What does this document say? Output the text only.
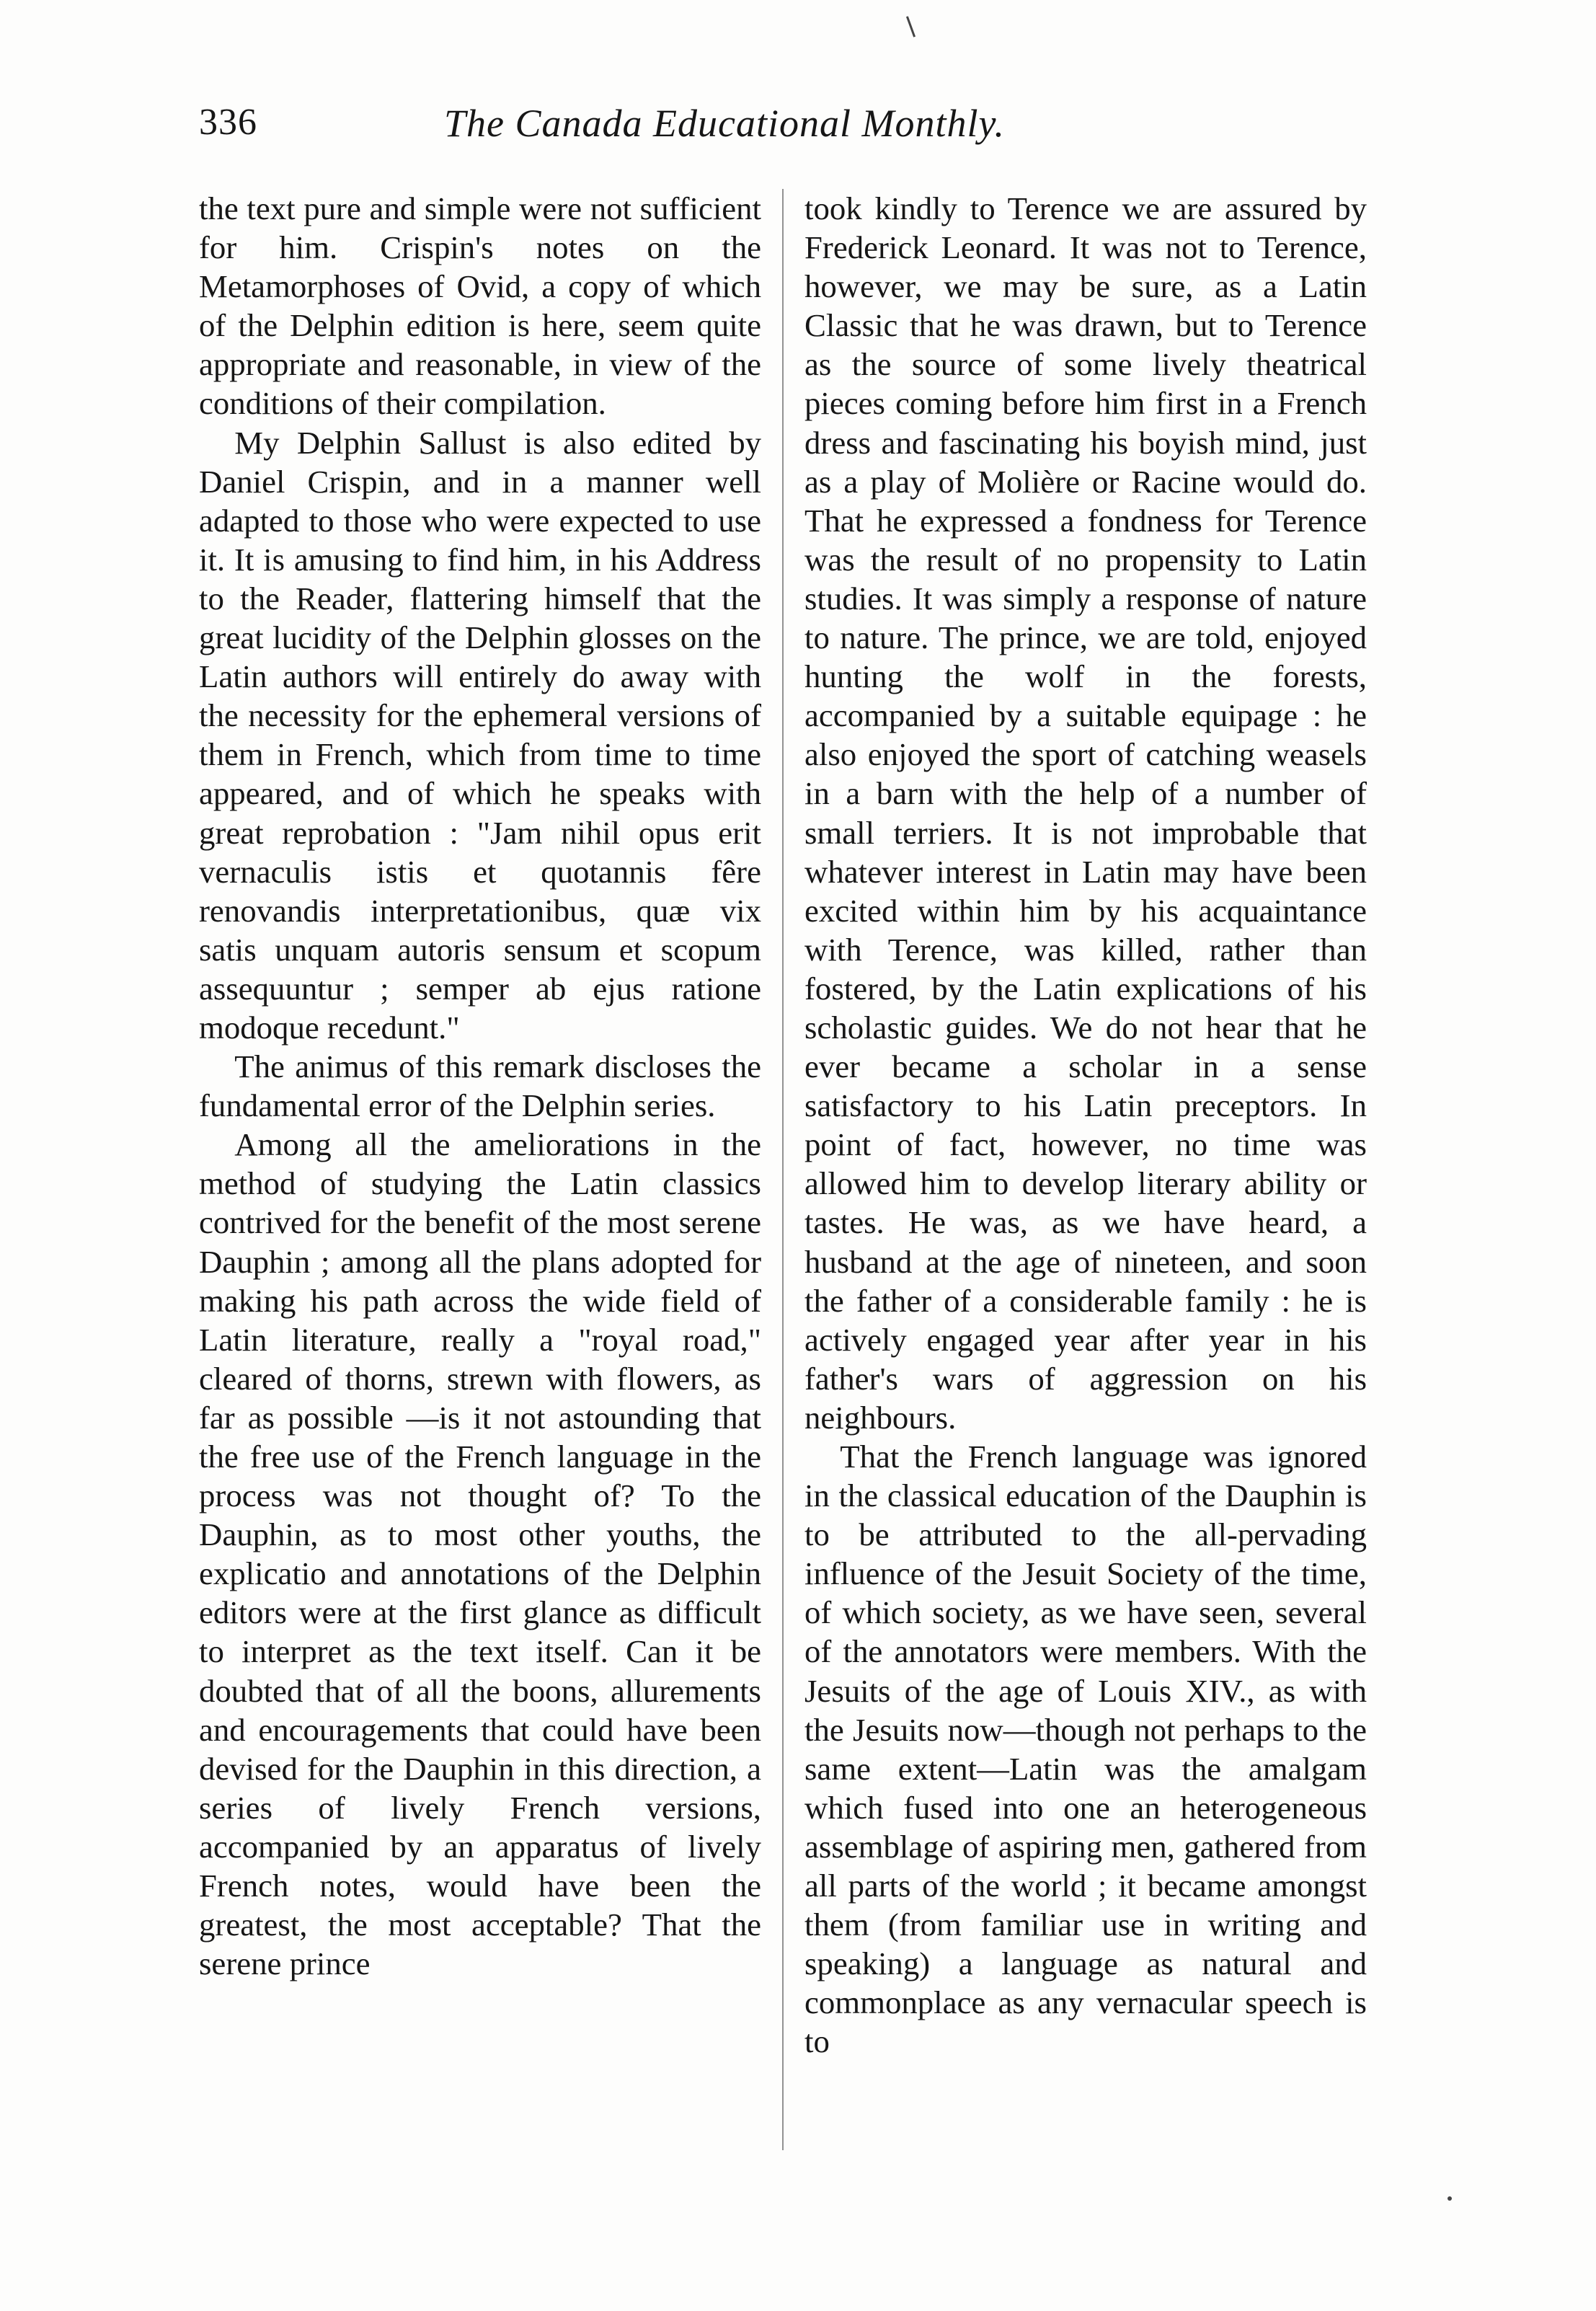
336	The Canada Educational Monthly.

the text pure and simple were not sufficient for him. Crispin's notes on the Metamorphoses of Ovid, a copy of which of the Delphin edition is here, seem quite appropriate and reasonable, in view of the conditions of their compilation.

My Delphin Sallust is also edited by Daniel Crispin, and in a manner well adapted to those who were expected to use it. It is amusing to find him, in his Address to the Reader, flattering himself that the great lucidity of the Delphin glosses on the Latin authors will entirely do away with the necessity for the ephemeral versions of them in French, which from time to time appeared, and of which he speaks with great reprobation : "Jam nihil opus erit vernaculis istis et quotannis fêre renovandis interpretationibus, quæ vix satis unquam autoris sensum et scopum assequuntur ; semper ab ejus ratione modoque recedunt."

The animus of this remark discloses the fundamental error of the Delphin series.

Among all the ameliorations in the method of studying the Latin classics contrived for the benefit of the most serene Dauphin ; among all the plans adopted for making his path across the wide field of Latin literature, really a "royal road," cleared of thorns, strewn with flowers, as far as possible —is it not astounding that the free use of the French language in the process was not thought of? To the Dauphin, as to most other youths, the explicatio and annotations of the Delphin editors were at the first glance as difficult to interpret as the text itself. Can it be doubted that of all the boons, allurements and encouragements that could have been devised for the Dauphin in this direction, a series of lively French versions, accompanied by an apparatus of lively French notes, would have been the greatest, the most acceptable? That the serene prince

took kindly to Terence we are assured by Frederick Leonard. It was not to Terence, however, we may be sure, as a Latin Classic that he was drawn, but to Terence as the source of some lively theatrical pieces coming before him first in a French dress and fascinating his boyish mind, just as a play of Molière or Racine would do. That he expressed a fondness for Terence was the result of no propensity to Latin studies. It was simply a response of nature to nature. The prince, we are told, enjoyed hunting the wolf in the forests, accompanied by a suitable equipage : he also enjoyed the sport of catching weasels in a barn with the help of a number of small terriers. It is not improbable that whatever interest in Latin may have been excited within him by his acquaintance with Terence, was killed, rather than fostered, by the Latin explications of his scholastic guides. We do not hear that he ever became a scholar in a sense satisfactory to his Latin preceptors. In point of fact, however, no time was allowed him to develop literary ability or tastes. He was, as we have heard, a husband at the age of nineteen, and soon the father of a considerable family : he is actively engaged year after year in his father's wars of aggression on his neighbours.

That the French language was ignored in the classical education of the Dauphin is to be attributed to the all-pervading influence of the Jesuit Society of the time, of which society, as we have seen, several of the annotators were members. With the Jesuits of the age of Louis XIV., as with the Jesuits now—though not perhaps to the same extent—Latin was the amalgam which fused into one an heterogeneous assemblage of aspiring men, gathered from all parts of the world ; it became amongst them (from familiar use in writing and speaking) a language as natural and commonplace as any vernacular speech is to
